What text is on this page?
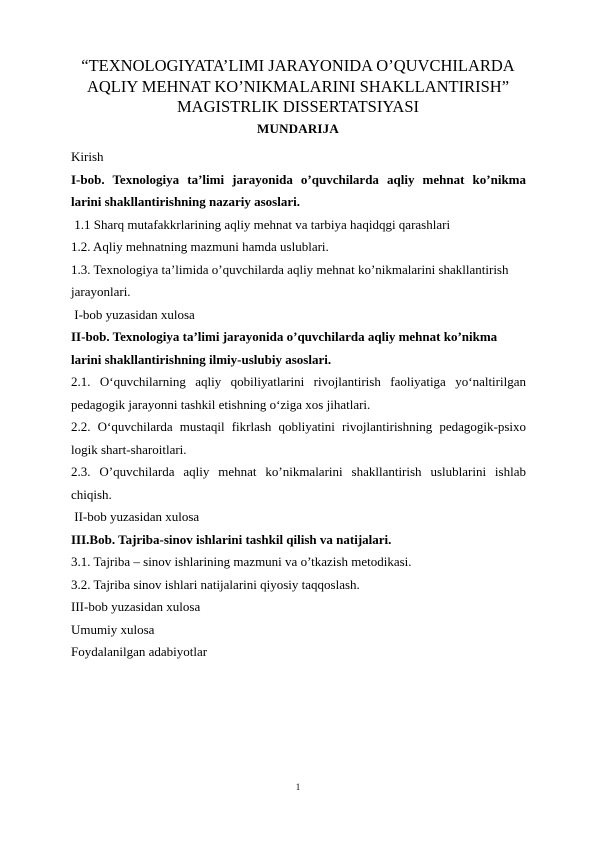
“TEXNOLOGIYATA’LIMI JARAYONIDA O’QUVCHILARDA
AQLIY MEHNAT KO’NIKMALARINI SHAKLLANTIRISH”
MAGISTRLIK DISSERTATSIYASI
MUNDARIJA
Kirish
I-bob. Texnologiya ta’limi jarayonida o’quvchilarda aqliy mehnat ko’nikma
larini shakllantirishning nazariy asoslari.
1.1 Sharq mutafakkrlarining aqliy mehnat va tarbiya haqidqgi qarashlari
1.2. Aqliy mehnatning mazmuni hamda uslublari.
1.3. Texnologiya ta’limida o’quvchilarda aqliy mehnat ko’nikmalarini shakllantirish
jarayonlari.
I-bob yuzasidan xulosa
II-bob. Texnologiya ta’limi jarayonida o’quvchilarda aqliy mehnat ko’nikma
larini shakllantirishning ilmiy-uslubiy asoslari.
2.1. O‘quvchilarning aqliy qobiliyatlarini rivojlantirish faoliyatiga yo‘naltirilgan
pedagogik jarayonni tashkil etishning o‘ziga xos jihatlari.
2.2. O‘quvchilarda mustaqil fikrlash qobliyatini rivojlantirishning pedagogik-psixo
logik shart-sharoitlari.
2.3. O’quvchilarda aqliy mehnat ko’nikmalarini shakllantirish uslublarini ishlab
chiqish.
II-bob yuzasidan xulosa
III.Bob. Tajriba-sinov ishlarini tashkil qilish va natijalari.
3.1. Tajriba – sinov ishlarining mazmuni va o’tkazish metodikasi.
3.2. Tajriba sinov ishlari natijalarini qiyosiy taqqoslash.
III-bob yuzasidan xulosa
Umumiy xulosa
Foydalanilgan adabiyotlar
1
